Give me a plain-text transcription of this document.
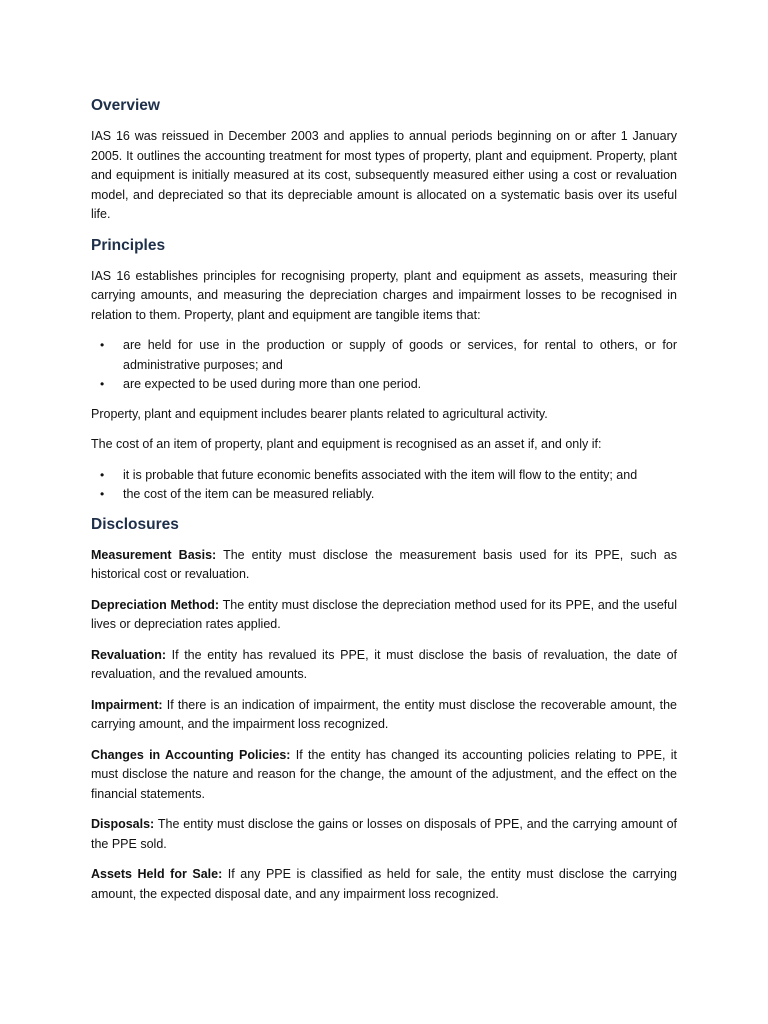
Overview

IAS 16 was reissued in December 2003 and applies to annual periods beginning on or after 1 January 2005. It outlines the accounting treatment for most types of property, plant and equipment. Property, plant and equipment is initially measured at its cost, subsequently measured either using a cost or revaluation model, and depreciated so that its depreciable amount is allocated on a systematic basis over its useful life.

Principles

IAS 16 establishes principles for recognising property, plant and equipment as assets, measuring their carrying amounts, and measuring the depreciation charges and impairment losses to be recognised in relation to them. Property, plant and equipment are tangible items that:

• are held for use in the production or supply of goods or services, for rental to others, or for administrative purposes; and
• are expected to be used during more than one period.

Property, plant and equipment includes bearer plants related to agricultural activity.

The cost of an item of property, plant and equipment is recognised as an asset if, and only if:

• it is probable that future economic benefits associated with the item will flow to the entity; and
• the cost of the item can be measured reliably.
Disclosures

Measurement Basis: The entity must disclose the measurement basis used for its PPE, such as historical cost or revaluation.

Depreciation Method: The entity must disclose the depreciation method used for its PPE, and the useful lives or depreciation rates applied.

Revaluation: If the entity has revalued its PPE, it must disclose the basis of revaluation, the date of revaluation, and the revalued amounts.

Impairment: If there is an indication of impairment, the entity must disclose the recoverable amount, the carrying amount, and the impairment loss recognized.

Changes in Accounting Policies: If the entity has changed its accounting policies relating to PPE, it must disclose the nature and reason for the change, the amount of the adjustment, and the effect on the financial statements.

Disposals: The entity must disclose the gains or losses on disposals of PPE, and the carrying amount of the PPE sold.

Assets Held for Sale: If any PPE is classified as held for sale, the entity must disclose the carrying amount, the expected disposal date, and any impairment loss recognized.
